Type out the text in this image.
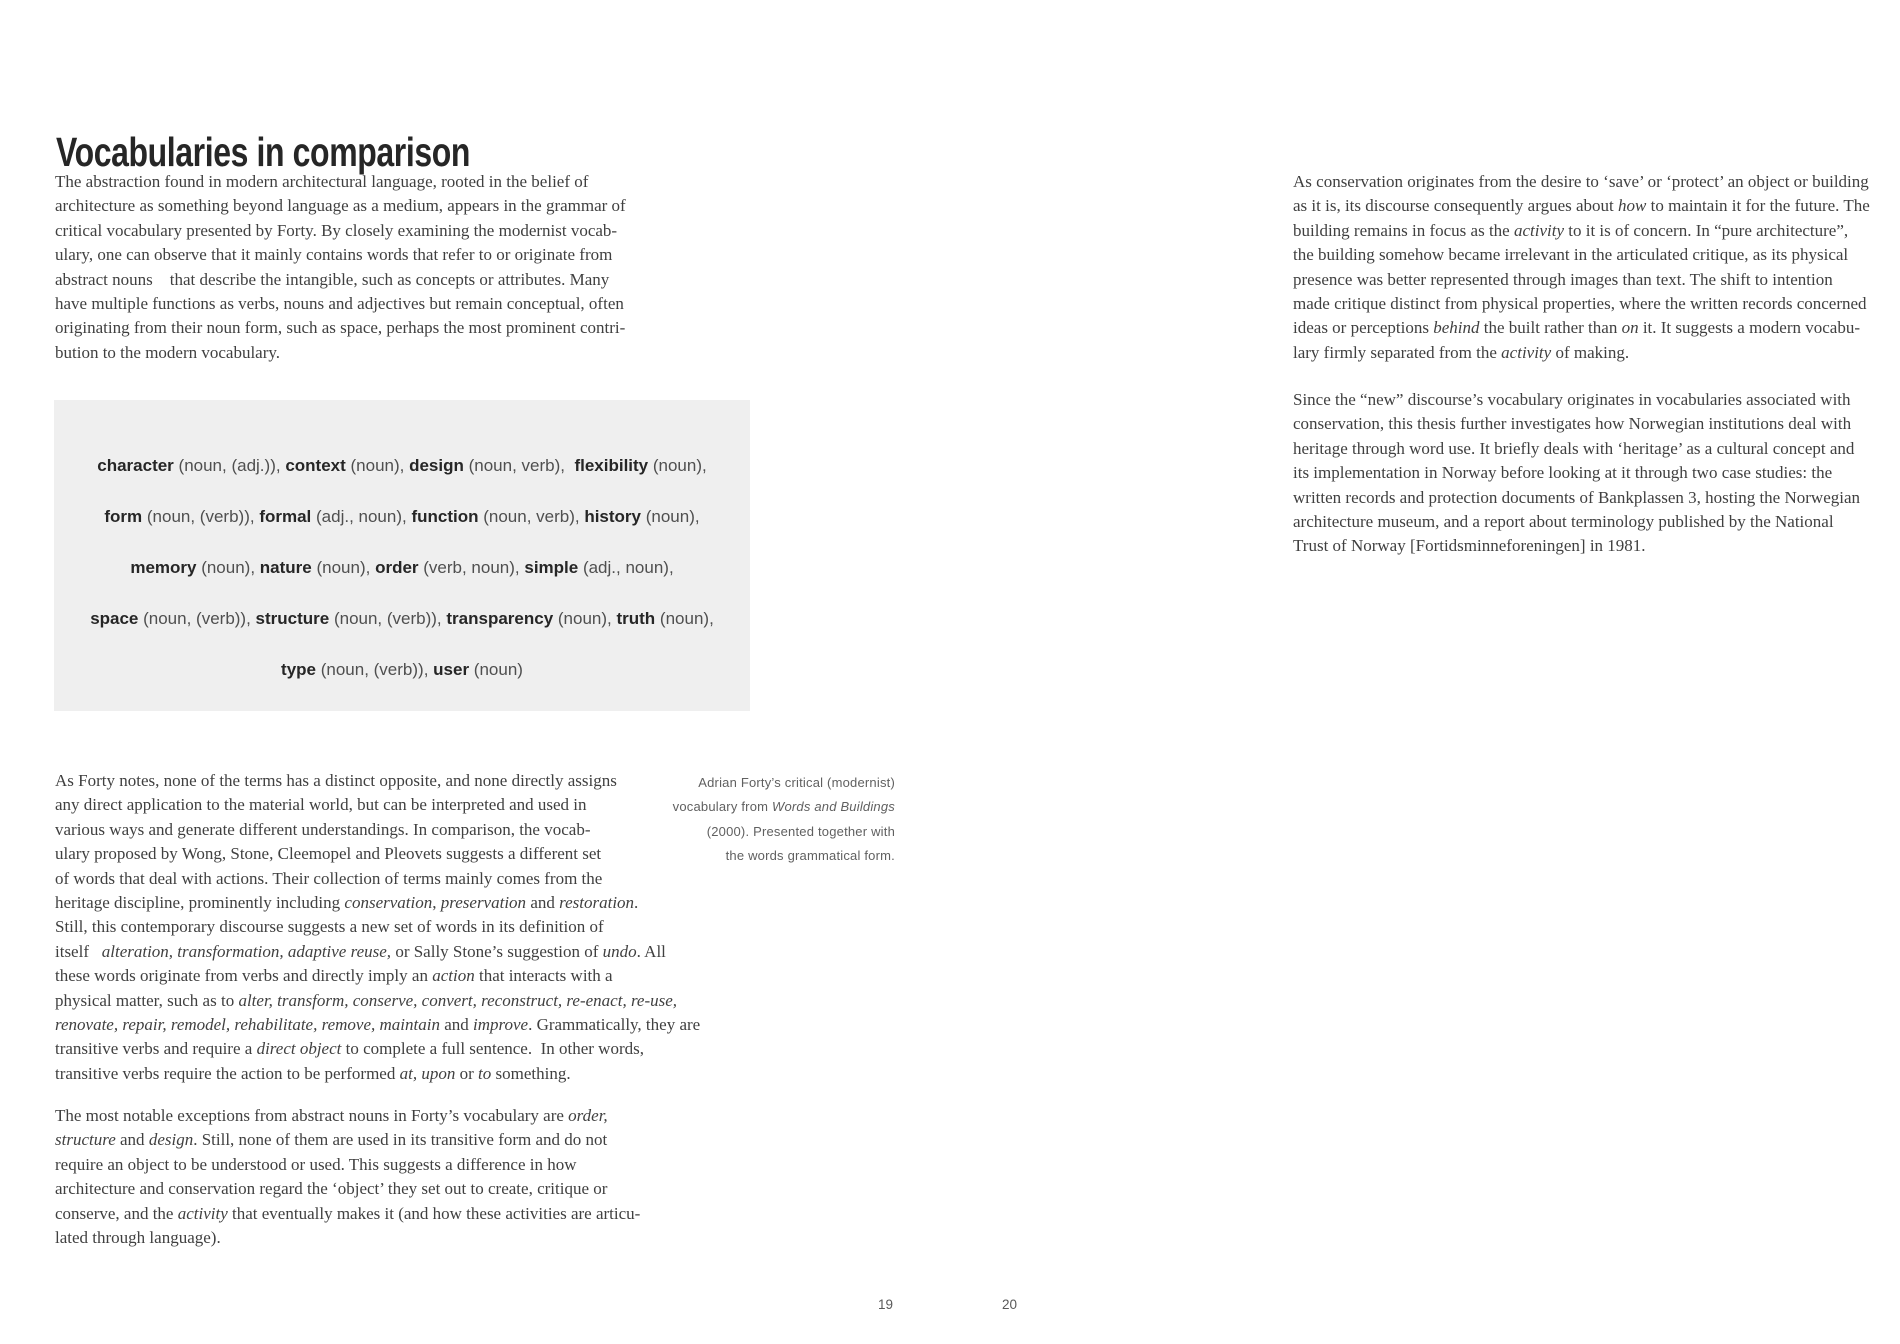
Vocabularies in comparison
The abstraction found in modern architectural language, rooted in the belief of
architecture as something beyond language as a medium, appears in the grammar of
critical vocabulary presented by Forty. By closely examining the modernist vocab-
ulary, one can observe that it mainly contains words that refer to or originate from
abstract nouns    that describe the intangible, such as concepts or attributes. Many
have multiple functions as verbs, nouns and adjectives but remain conceptual, often
originating from their noun form, such as space, perhaps the most prominent contri-
bution to the modern vocabulary.
character (noun, (adj.)), context (noun), design (noun, verb),  flexibility (noun),
form (noun, (verb)), formal (adj., noun), function (noun, verb), history (noun),
memory (noun), nature (noun), order (verb, noun), simple (adj., noun),
space (noun, (verb)), structure (noun, (verb)), transparency (noun), truth (noun),
type (noun, (verb)), user (noun)
As Forty notes, none of the terms has a distinct opposite, and none directly assigns
any direct application to the material world, but can be interpreted and used in
various ways and generate different understandings. In comparison, the vocab-
ulary proposed by Wong, Stone, Cleemopel and Pleovets suggests a different set
of words that deal with actions. Their collection of terms mainly comes from the
heritage discipline, prominently including conservation, preservation and restoration.
Still, this contemporary discourse suggests a new set of words in its definition of
itself   alteration, transformation, adaptive reuse, or Sally Stone’s suggestion of undo. All
these words originate from verbs and directly imply an action that interacts with a
physical matter, such as to alter, transform, conserve, convert, reconstruct, re-enact, re-use,
renovate, repair, remodel, rehabilitate, remove, maintain and improve. Grammatically, they are
transitive verbs and require a direct object to complete a full sentence.  In other words,
transitive verbs require the action to be performed at, upon or to something.
The most notable exceptions from abstract nouns in Forty’s vocabulary are order,
structure and design. Still, none of them are used in its transitive form and do not
require an object to be understood or used. This suggests a difference in how
architecture and conservation regard the ‘object’ they set out to create, critique or
conserve, and the activity that eventually makes it (and how these activities are articu-
lated through language).
Adrian Forty’s critical (modernist)
vocabulary from Words and Buildings
(2000). Presented together with
the words grammatical form.
As conservation originates from the desire to ‘save’ or ‘protect’ an object or building
as it is, its discourse consequently argues about how to maintain it for the future. The
building remains in focus as the activity to it is of concern. In “pure architecture”,
the building somehow became irrelevant in the articulated critique, as its physical
presence was better represented through images than text. The shift to intention
made critique distinct from physical properties, where the written records concerned
ideas or perceptions behind the built rather than on it. It suggests a modern vocabu-
lary firmly separated from the activity of making.
Since the “new” discourse’s vocabulary originates in vocabularies associated with
conservation, this thesis further investigates how Norwegian institutions deal with
heritage through word use. It briefly deals with ‘heritage’ as a cultural concept and
its implementation in Norway before looking at it through two case studies: the
written records and protection documents of Bankplassen 3, hosting the Norwegian
architecture museum, and a report about terminology published by the National
Trust of Norway [Fortidsminneforeningen] in 1981.
19	20
